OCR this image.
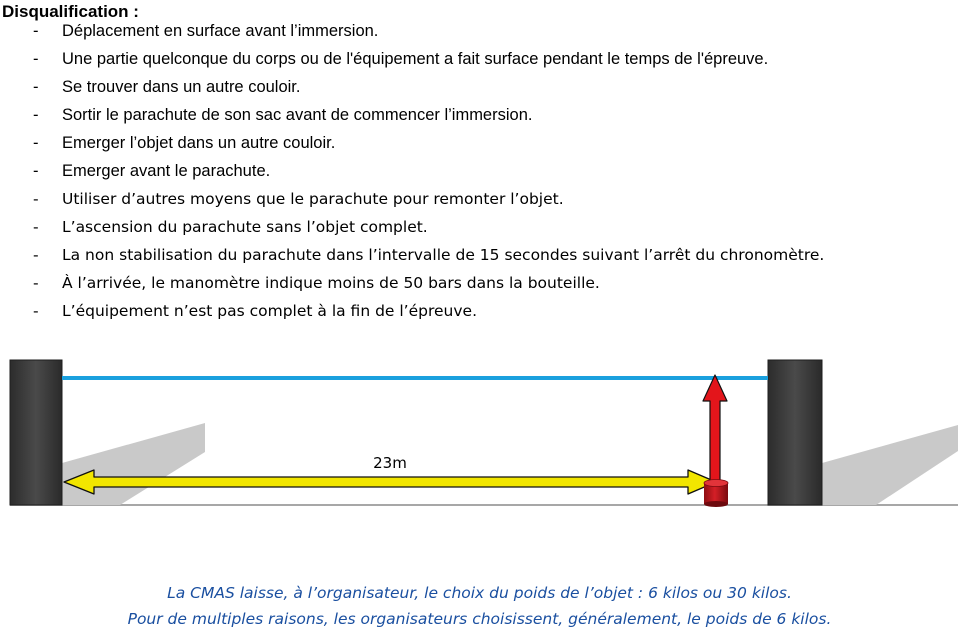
Disqualification :
- Déplacement en surface avant l’immersion.
- Une partie quelconque du corps ou de l'équipement a fait surface pendant le temps de l'épreuve.
- Se trouver dans un autre couloir.
- Sortir le parachute de son sac avant de commencer l’immersion.
- Emerger l’objet dans un autre couloir.
- Emerger avant le parachute.
- Utiliser d’autres moyens que le parachute pour remonter l’objet.
- L’ascension du parachute sans l’objet complet.
- La non stabilisation du parachute dans l’intervalle de 15 secondes suivant l’arrêt du chronomètre.
- À l’arrivée, le manomètre indique moins de 50 bars dans la bouteille.
- L’équipement n’est pas complet à la fin de l’épreuve.
23m
La CMAS laisse, à l’organisateur, le choix du poids de l’objet : 6 kilos ou 30 kilos.
Pour de multiples raisons, les organisateurs choisissent, généralement, le poids de 6 kilos.
